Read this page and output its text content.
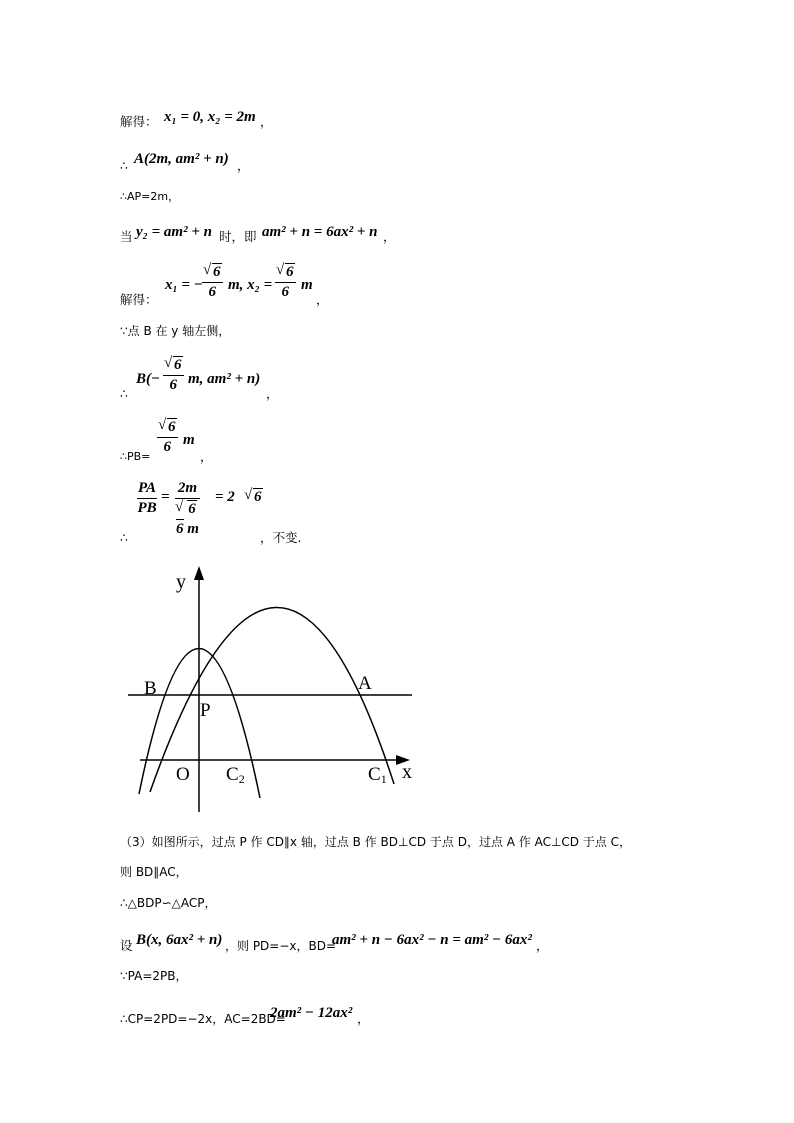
解得： x₁ = 0, x₂ = 2m ，
∴ A(2m, am² + n) ，
∴AP=2m，
当 y₂ = am² + n 时，即 am² + n = 6ax² + n ，
解得：
x₁ = − √ $\frac{6}{6} m$, x₂ = √ $\frac{6}{6}$ m
，
∵点 B 在 y 轴左侧，
∴
B(− √ $\frac{6}{6} m$, am² + n)
，
∴PB=
√ $\frac{6}{6}$ m
，
∴
$\frac{PA}{PB} = 2m$
√ 6
6 m = 2	√ 6
，不变.
y
x
B	A
P
O C2	C1
（3）如图所示，过点 P 作 CD∥x 轴，过点 B 作 BD⊥CD 于点 D，过点 A 作 AC⊥CD 于点 C，
则 BD∥AC，
∴△BDP∽△ACP，
设 B(x, 6ax² + n) ，则 PD=−x，BD=
am² + n − 6ax² − n = am² − 6ax² ，
∵PA=2PB，
∴CP=2PD=−2x，AC=2BD=
2am² − 12ax² ，
